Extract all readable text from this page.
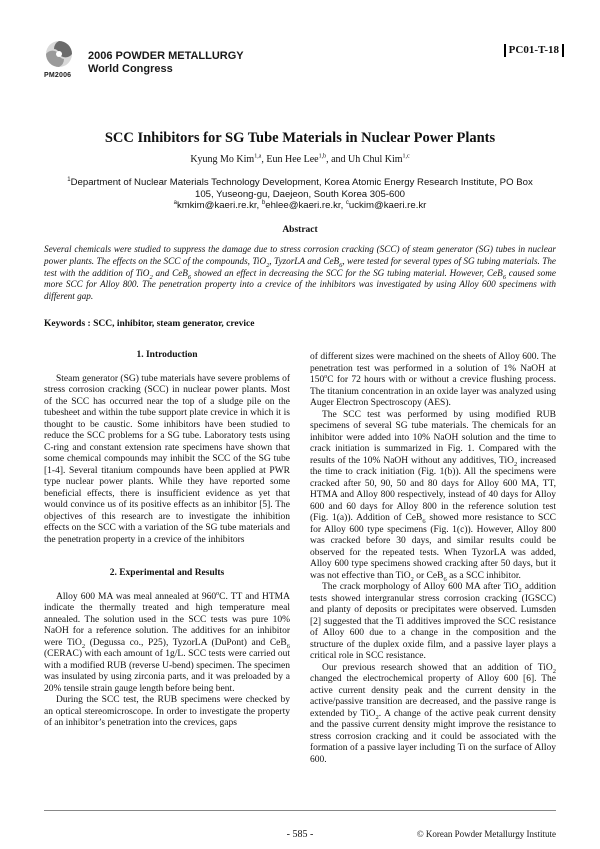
PM2006
2006 POWDER METALLURGY
World Congress
PC01-T-18
SCC Inhibitors for SG Tube Materials in Nuclear Power Plants
Kyung Mo Kim$^{1,a}$, Eun Hee Lee$^{1,b}$, and Uh Chul Kim$^{1,c}$
$^1$Department of Nuclear Materials Technology Development, Korea Atomic Energy Research Institute, PO Box
105, Yuseong-gu, Daejeon, South Korea 305-600
$^a$kmkim@kaeri.re.kr, $^b$ehlee@kaeri.re.kr, $^c$uckim@kaeri.re.kr
Abstract
Several chemicals were studied to suppress the damage due to stress corrosion cracking (SCC) of steam generator (SG) tubes in nuclear power plants. The effects on the SCC of the compounds, TiO$_2$, TyzorLA and CeB$_6$, were tested for several types of SG tubing materials. The test with the addition of TiO$_2$ and CeB$_6$ showed an effect in decreasing the SCC for the SG tubing material. However, CeB$_6$ caused some more SCC for Alloy 800. The penetration property into a crevice of the inhibitors was investigated by using Alloy 600 specimens with different gap.
Keywords : SCC, inhibitor, steam generator, crevice

1. Introduction

Steam generator (SG) tube materials have severe problems of stress corrosion cracking (SCC) in nuclear power plants. Most of the SCC has occurred near the top of a sludge pile on the tubesheet and within the tube support plate crevice in which it is thought to be caustic. Some inhibitors have been studied to reduce the SCC problems for a SG tube. Laboratory tests using C-ring and constant extension rate specimens have shown that some chemical compounds may inhibit the SCC of the SG tube [1-4]. Several titanium compounds have been applied at PWR type nuclear power plants. While they have reported some beneficial effects, there is insufficient evidence as yet that would convince us of its positive effects as an inhibitor [5]. The objectives of this research are to investigate the inhibition effects on the SCC with a variation of the SG tube materials and the penetration property in a crevice of the inhibitors

2. Experimental and Results

Alloy 600 MA was meal annealed at 960$^o$C. TT and HTMA indicate the thermally treated and high temperature meal annealed. The solution used in the SCC tests was pure 10% NaOH for a reference solution. The additives for an inhibitor were TiO$_2$ (Degussa co., P25), TyzorLA (DuPont) and CeB$_6$ (CERAC) with each amount of 1g/L. SCC tests were carried out with a modified RUB (reverse U-bend) specimen. The specimen was insulated by using zirconia parts, and it was preloaded by a 20% tensile strain gauge length before being bent.

During the SCC test, the RUB specimens were checked by an optical stereomicroscope. In order to investigate the property of an inhibitor’s penetration into the crevices, gaps

of different sizes were machined on the sheets of Alloy 600. The penetration test was performed in a solution of 1% NaOH at 150$^o$C for 72 hours with or without a crevice flushing process. The titanium concentration in an oxide layer was analyzed using Auger Electron Spectroscopy (AES).

The SCC test was performed by using modified RUB specimens of several SG tube materials. The chemicals for an inhibitor were added into 10% NaOH solution and the time to crack initiation is summarized in Fig. 1. Compared with the results of the 10% NaOH without any additives, TiO$_2$ increased the time to crack initiation (Fig. 1(b)). All the specimens were cracked after 50, 90, 50 and 80 days for Alloy 600 MA, TT, HTMA and Alloy 800 respectively, instead of 40 days for Alloy 600 and 60 days for Alloy 800 in the reference solution test (Fig. 1(a)). Addition of CeB$_6$ showed more resistance to SCC for Alloy 600 type specimens (Fig. 1(c)). However, Alloy 800 was cracked before 30 days, and similar results could be observed for the repeated tests. When TyzorLA was added, Alloy 600 type specimens showed cracking after 50 days, but it was not effective than TiO$_2$ or CeB$_6$ as a SCC inhibitor.

The crack morphology of Alloy 600 MA after TiO$_2$ addition tests showed intergranular stress corrosion cracking (IGSCC) and planty of deposits or precipitates were observed. Lumsden [2] suggested that the Ti additives improved the SCC resistance of Alloy 600 due to a change in the composition and the structure of the duplex oxide film, and a passive layer plays a critical role in SCC resistance.

Our previous research showed that an addition of TiO$_2$ changed the electrochemical property of Alloy 600 [6]. The active current density peak and the current density in the active/passive transition are decreased, and the passive range is extended by TiO$_2$. A change of the active peak current density and the passive current density might improve the resistance to stress corrosion cracking and it could be associated with the formation of a passive layer including Ti on the surface of Alloy 600.

- 585 -	© Korean Powder Metallurgy Institute
